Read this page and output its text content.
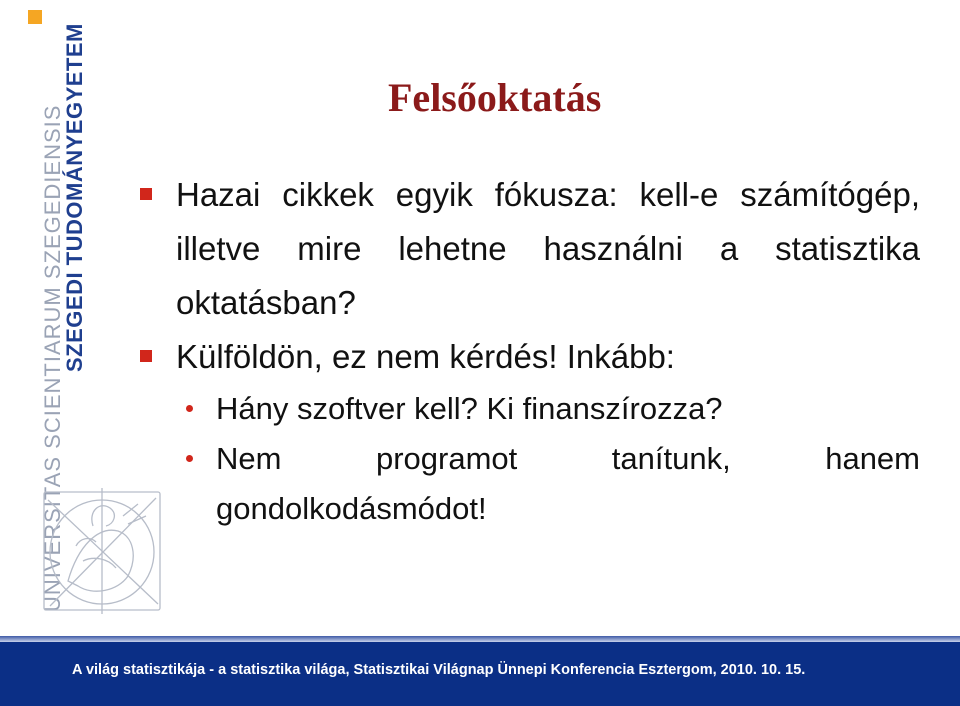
SZEGEDI TUDOMÁNYEGYETEM
UNIVERSITAS SCIENTIARUM SZEGEDIENSIS
Felsőoktatás
Hazai cikkek egyik fókusza: kell-e számítógép, illetve mire lehetne használni a statisztika oktatásban?
Külföldön, ez nem kérdés! Inkább:
Hány szoftver kell? Ki finanszírozza?
Nem programot tanítunk, hanem gondolkodásmódot!
A világ statisztikája - a statisztika világa, Statisztikai Világnap Ünnepi Konferencia Esztergom, 2010. 10. 15.
